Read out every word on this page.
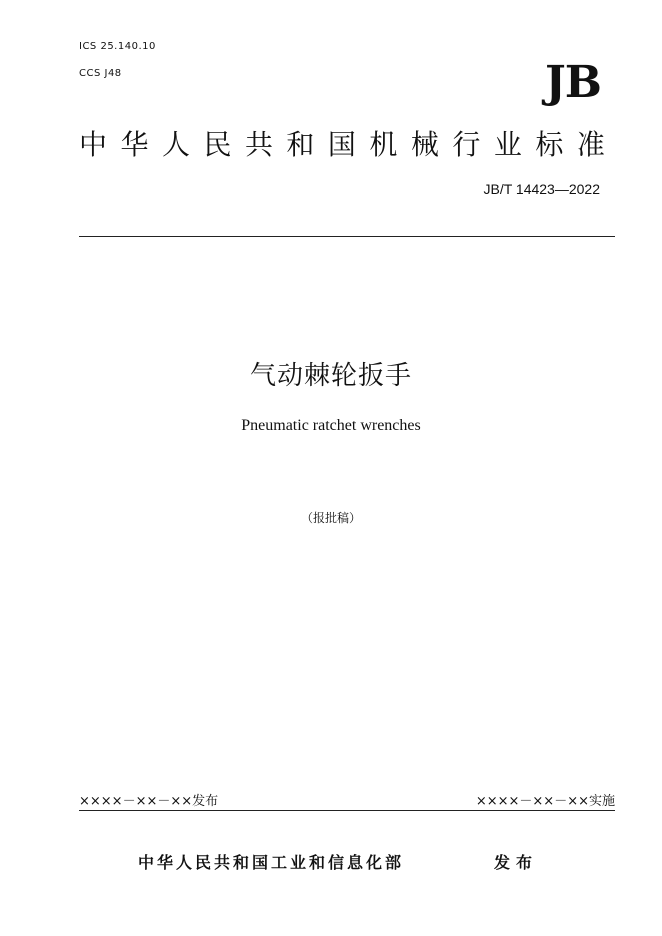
ICS 25.140.10
CCS J48	JB
中 华 人 民 共 和 国 机 械 行 业 标 准
JB/T 14423—2022
气动棘轮扳手
Pneumatic ratchet wrenches
（报批稿）
××××－××－××发布	××××－××－××实施
中华人民共和国工业和信息化部	发布
